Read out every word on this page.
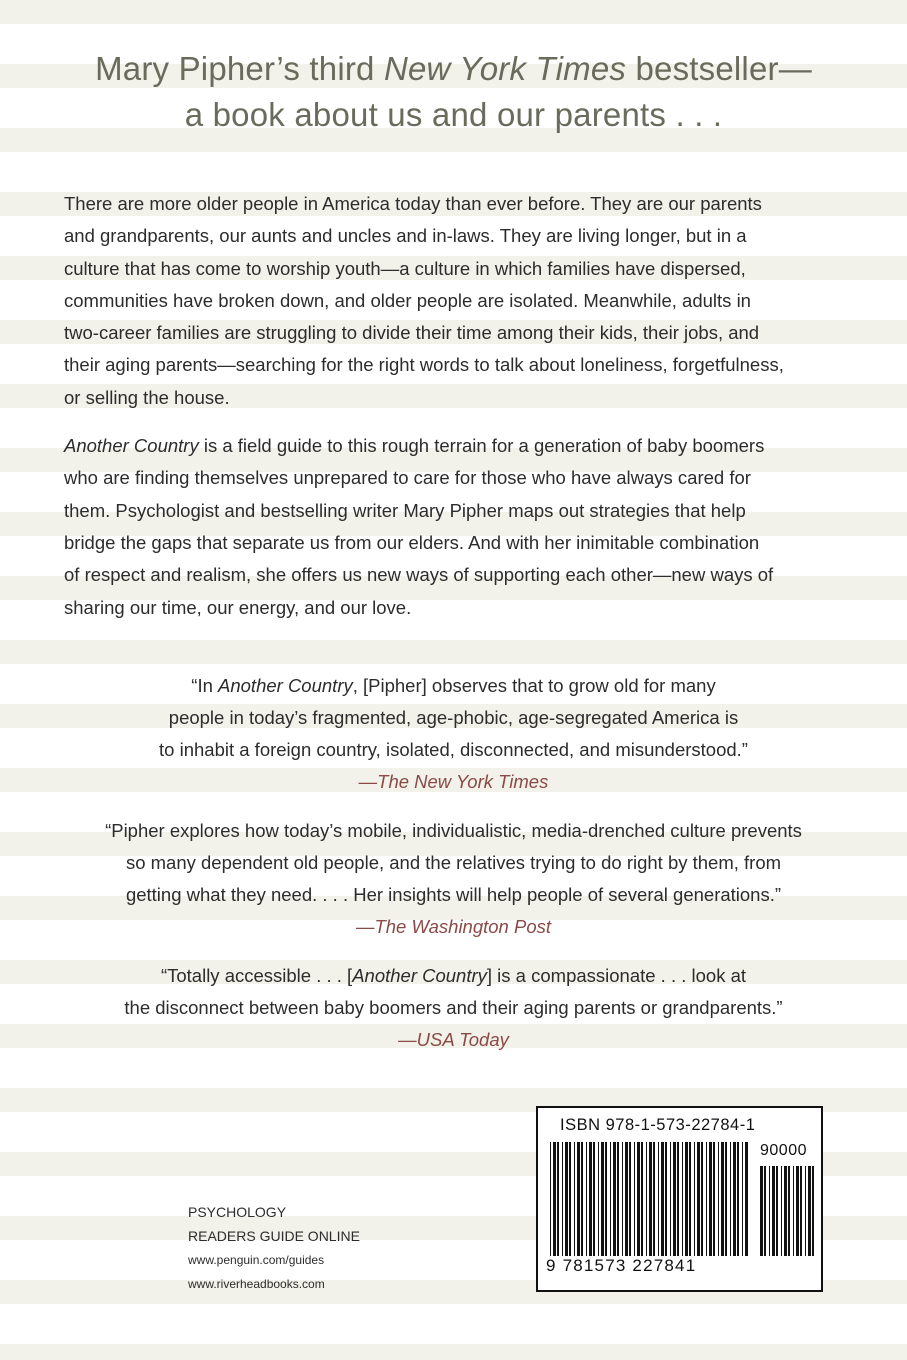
Mary Pipher’s third New York Times bestseller—
a book about us and our parents . . .

There are more older people in America today than ever before. They are our parents
and grandparents, our aunts and uncles and in-laws. They are living longer, but in a
culture that has come to worship youth—a culture in which families have dispersed,
communities have broken down, and older people are isolated. Meanwhile, adults in
two-career families are struggling to divide their time among their kids, their jobs, and
their aging parents—searching for the right words to talk about loneliness, forgetfulness,
or selling the house.

Another Country is a field guide to this rough terrain for a generation of baby boomers
who are finding themselves unprepared to care for those who have always cared for
them. Psychologist and bestselling writer Mary Pipher maps out strategies that help
bridge the gaps that separate us from our elders. And with her inimitable combination
of respect and realism, she offers us new ways of supporting each other—new ways of
sharing our time, our energy, and our love.

“In Another Country, [Pipher] observes that to grow old for many
people in today’s fragmented, age-phobic, age-segregated America is
to inhabit a foreign country, isolated, disconnected, and misunderstood.”
—The New York Times
“Pipher explores how today’s mobile, individualistic, media-drenched culture prevents
so many dependent old people, and the relatives trying to do right by them, from
getting what they need. . . . Her insights will help people of several generations.”
—The Washington Post
“Totally accessible . . . [Another Country] is a compassionate . . . look at
the disconnect between baby boomers and their aging parents or grandparents.”
—USA Today
PSYCHOLOGY
READERS GUIDE ONLINE
www.penguin.com/guides
www.riverheadbooks.com
ISBN 978-1-573-22784-1
90000
9 781573 227841
